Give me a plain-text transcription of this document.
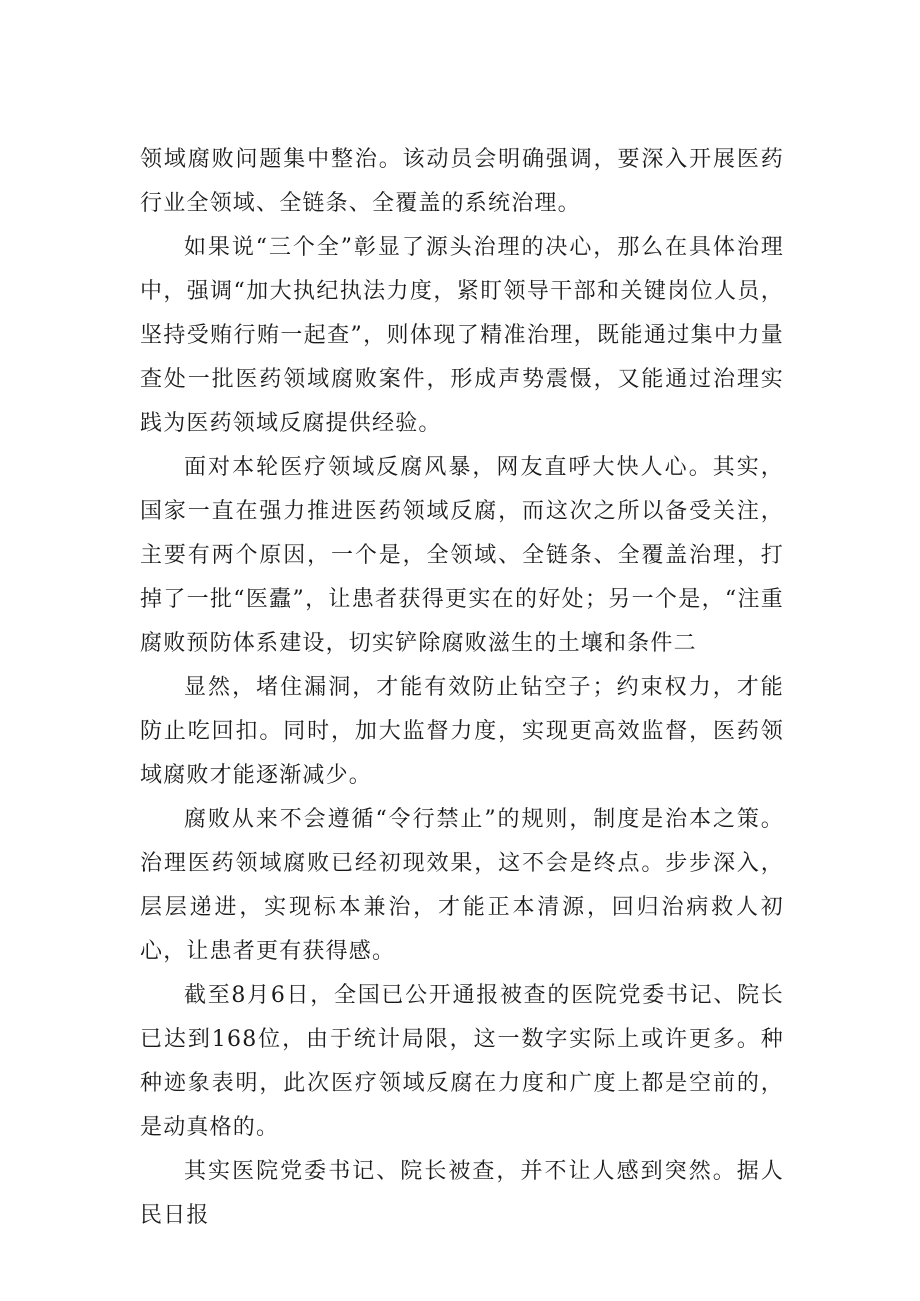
领域腐败问题集中整治。该动员会明确强调，要深入开展医药行业全领域、全链条、全覆盖的系统治理。

如果说“三个全”彰显了源头治理的决心，那么在具体治理中，强调“加大执纪执法力度，紧盯领导干部和关键岗位人员，坚持受贿行贿一起查”，则体现了精准治理，既能通过集中力量查处一批医药领域腐败案件，形成声势震慑，又能通过治理实践为医药领域反腐提供经验。

面对本轮医疗领域反腐风暴，网友直呼大快人心。其实，国家一直在强力推进医药领域反腐，而这次之所以备受关注，主要有两个原因，一个是，全领域、全链条、全覆盖治理，打掉了一批“医蠹”，让患者获得更实在的好处；另一个是，“注重腐败预防体系建设，切实铲除腐败滋生的土壤和条件二

显然，堵住漏洞，才能有效防止钻空子；约束权力，才能防止吃回扣。同时，加大监督力度，实现更高效监督，医药领域腐败才能逐渐减少。

腐败从来不会遵循“令行禁止”的规则，制度是治本之策。治理医药领域腐败已经初现效果，这不会是终点。步步深入，层层递进，实现标本兼治，才能正本清源，回归治病救人初心，让患者更有获得感。

截至8月6日，全国已公开通报被查的医院党委书记、院长已达到168位，由于统计局限，这一数字实际上或许更多。种种迹象表明，此次医疗领域反腐在力度和广度上都是空前的，是动真格的。

其实医院党委书记、院长被查，并不让人感到突然。据人民日报
